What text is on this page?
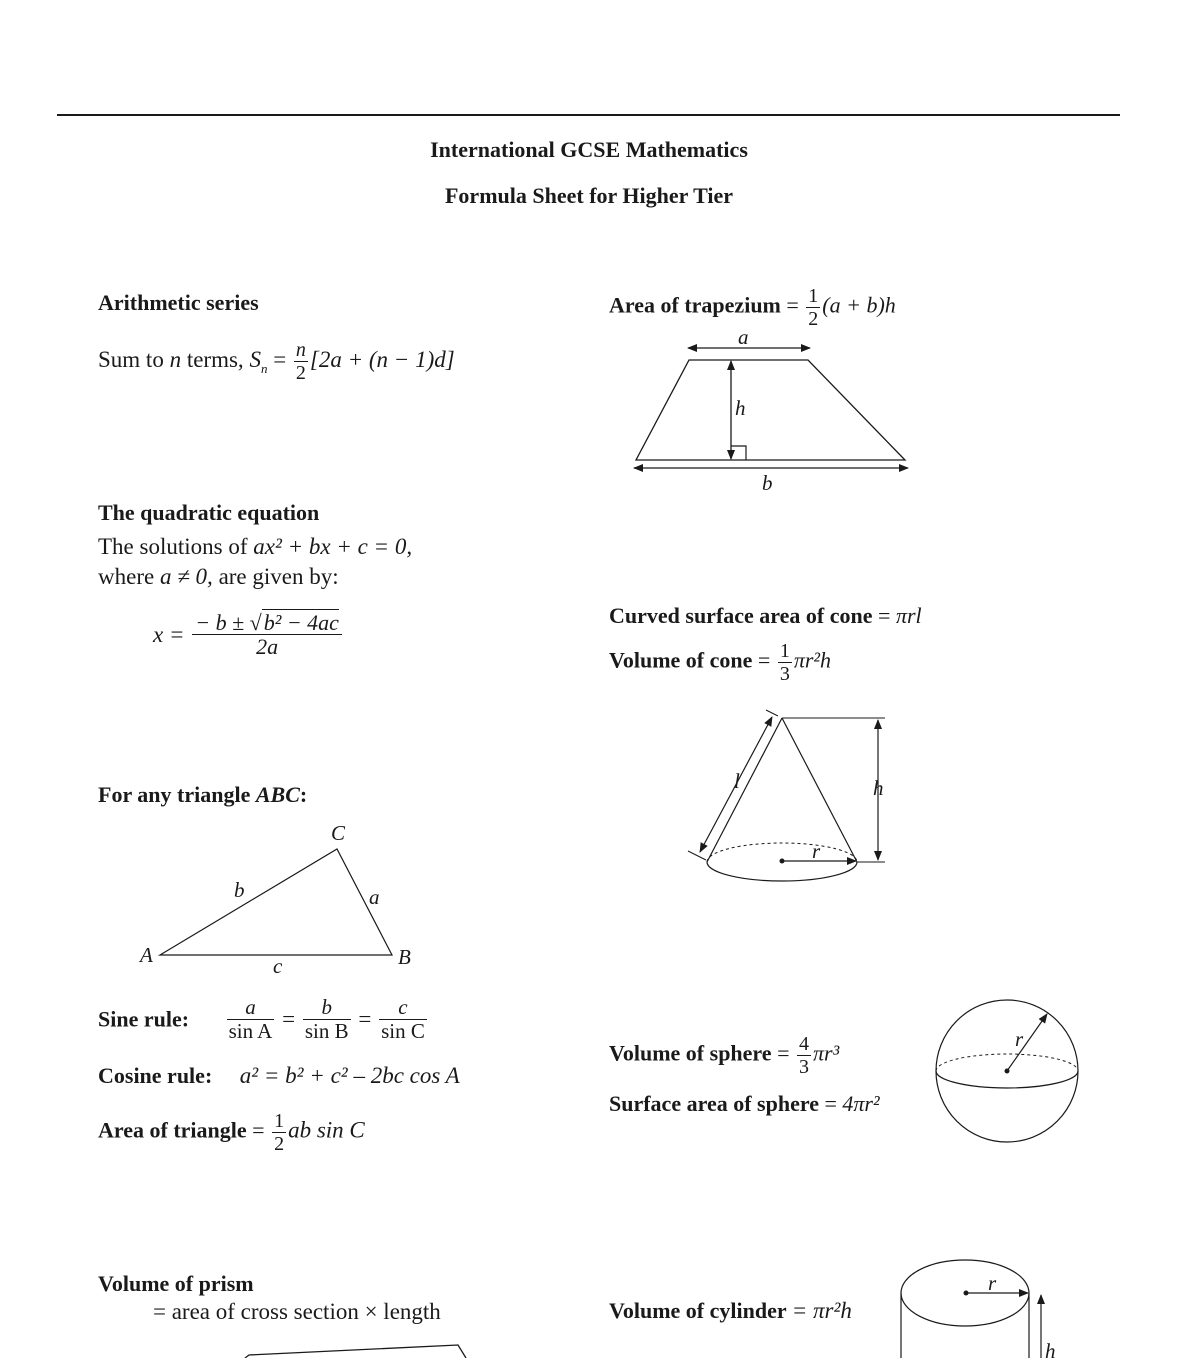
International GCSE Mathematics
Formula Sheet for Higher Tier
Arithmetic series
Sum to n terms, $S_n = \frac{n}{2} [2a + (n - 1)d]$
Area of trapezium = $\frac{1}{2} (a + b)h$
a
h
b
l	h
r
A	B
C
a
b
c
r
r
h
The quadratic equation
The solutions of ax² + bx + c = 0,
where a ≠ 0, are given by:
$x = \frac{\text{− b ± √b² − 4ac}}{2a}$	Curved surface area of cone = πrl
Volume of cone = $\frac{1}{3} \pi r^2h$
For any triangle ABC:
Sine rule: $\frac{a}{\text{sin A}} = \frac{b}{\text{sin B}} = \frac{c}{\text{sin C}}$
Cosine rule: a² = b² + c² – 2bc cos A
Area of triangle = $\frac{1}{2}$ ab sin C
Volume of sphere = $\frac{4}{3} \pi r^3$
Surface area of sphere = 4πr²
Volume of prism
= area of cross section × length	Volume of cylinder = πr²h
